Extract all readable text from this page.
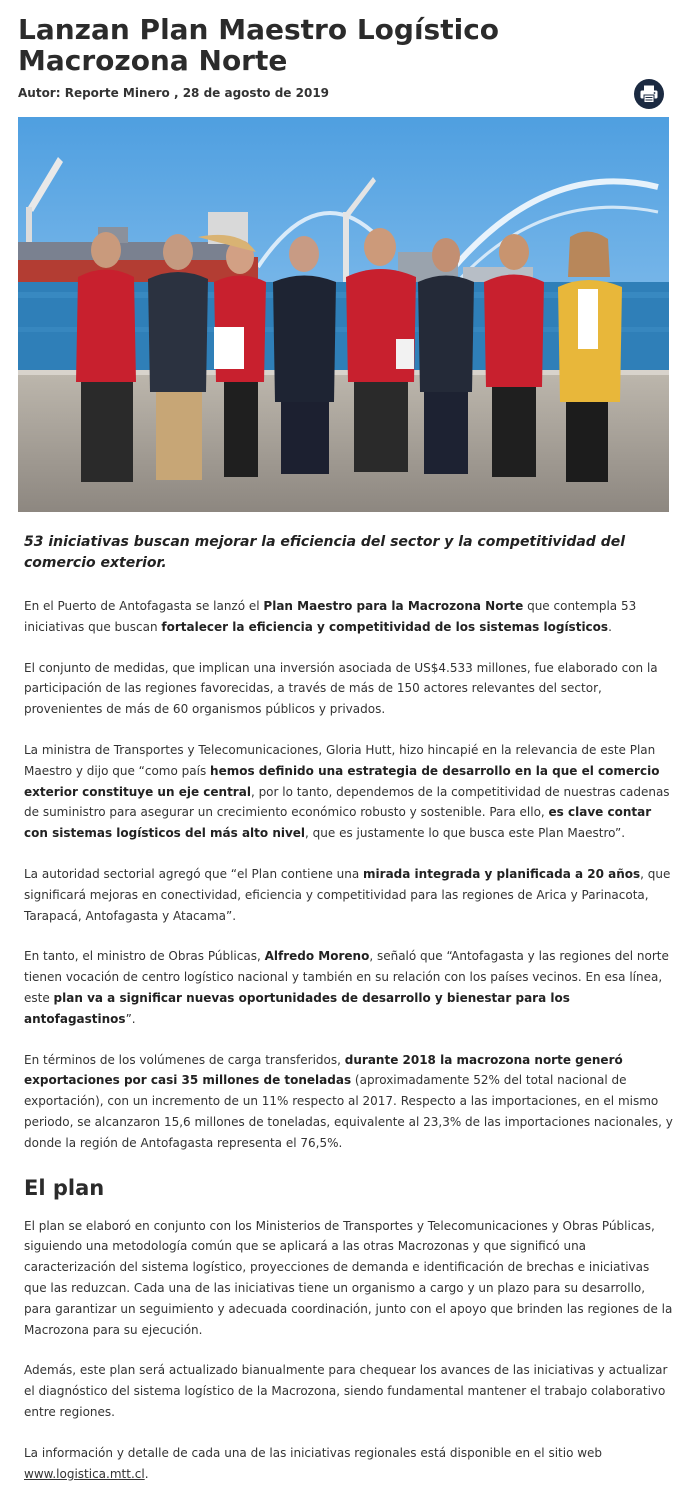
Lanzan Plan Maestro Logístico Macrozona Norte
Autor: Reporte Minero , 28 de agosto de 2019

53 iniciativas buscan mejorar la eficiencia del sector y la competitividad del comercio exterior.

En el Puerto de Antofagasta se lanzó el Plan Maestro para la Macrozona Norte que contempla 53 iniciativas que buscan fortalecer la eficiencia y competitividad de los sistemas logísticos.

El conjunto de medidas, que implican una inversión asociada de US$4.533 millones, fue elaborado con la participación de las regiones favorecidas, a través de más de 150 actores relevantes del sector, provenientes de más de 60 organismos públicos y privados.

La ministra de Transportes y Telecomunicaciones, Gloria Hutt, hizo hincapié en la relevancia de este Plan Maestro y dijo que “como país hemos definido una estrategia de desarrollo en la que el comercio exterior constituye un eje central, por lo tanto, dependemos de la competitividad de nuestras cadenas de suministro para asegurar un crecimiento económico robusto y sostenible. Para ello, es clave contar con sistemas logísticos del más alto nivel, que es justamente lo que busca este Plan Maestro”.

La autoridad sectorial agregó que “el Plan contiene una mirada integrada y planificada a 20 años, que significará mejoras en conectividad, eficiencia y competitividad para las regiones de Arica y Parinacota, Tarapacá, Antofagasta y Atacama”.

En tanto, el ministro de Obras Públicas, Alfredo Moreno, señaló que “Antofagasta y las regiones del norte tienen vocación de centro logístico nacional y también en su relación con los países vecinos. En esa línea, este plan va a significar nuevas oportunidades de desarrollo y bienestar para los antofagastinos”.

En términos de los volúmenes de carga transferidos, durante 2018 la macrozona norte generó exportaciones por casi 35 millones de toneladas (aproximadamente 52% del total nacional de exportación), con un incremento de un 11% respecto al 2017. Respecto a las importaciones, en el mismo periodo, se alcanzaron 15,6 millones de toneladas, equivalente al 23,3% de las importaciones nacionales, y donde la región de Antofagasta representa el 76,5%.

El plan

El plan se elaboró en conjunto con los Ministerios de Transportes y Telecomunicaciones y Obras Públicas, siguiendo una metodología común que se aplicará a las otras Macrozonas y que significó una caracterización del sistema logístico, proyecciones de demanda e identificación de brechas e iniciativas que las reduzcan. Cada una de las iniciativas tiene un organismo a cargo y un plazo para su desarrollo, para garantizar un seguimiento y adecuada coordinación, junto con el apoyo que brinden las regiones de la Macrozona para su ejecución.

Además, este plan será actualizado bianualmente para chequear los avances de las iniciativas y actualizar el diagnóstico del sistema logístico de la Macrozona, siendo fundamental mantener el trabajo colaborativo entre regiones.

La información y detalle de cada una de las iniciativas regionales está disponible en el sitio web www.logistica.mtt.cl.
